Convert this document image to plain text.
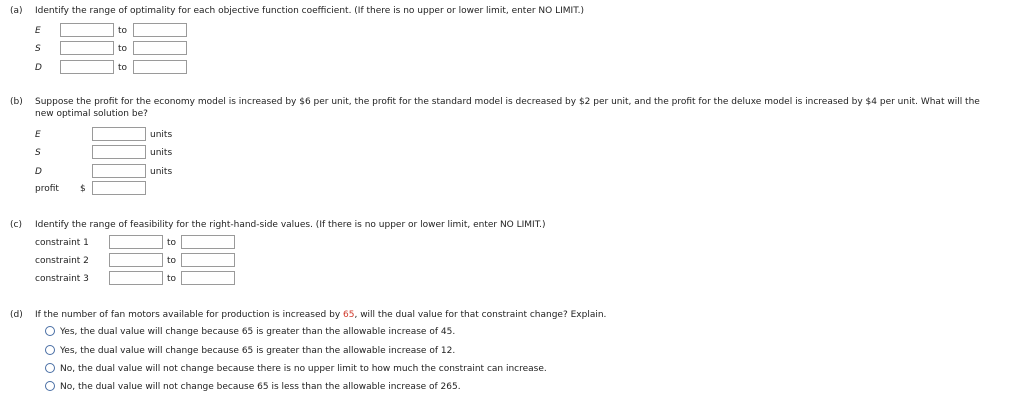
(a) Identify the range of optimality for each objective function coefficient. (If there is no upper or lower limit, enter NO LIMIT.)
E	to
S	to
D	to
(b) Suppose the profit for the economy model is increased by $6 per unit, the profit for the standard model is decreased by $2 per unit, and the profit for the deluxe model is increased by $4 per unit. What will the
new optimal solution be?
E	units
S	units
D	units
profit $
(c) Identify the range of feasibility for the right-hand-side values. (If there is no upper or lower limit, enter NO LIMIT.)
constraint 1	to
constraint 2	to
constraint 3	to
(d) If the number of fan motors available for production is increased by 65, will the dual value for that constraint change? Explain.
Yes, the dual value will change because 65 is greater than the allowable increase of 45.
Yes, the dual value will change because 65 is greater than the allowable increase of 12.
No, the dual value will not change because there is no upper limit to how much the constraint can increase.
No, the dual value will not change because 65 is less than the allowable increase of 265.
